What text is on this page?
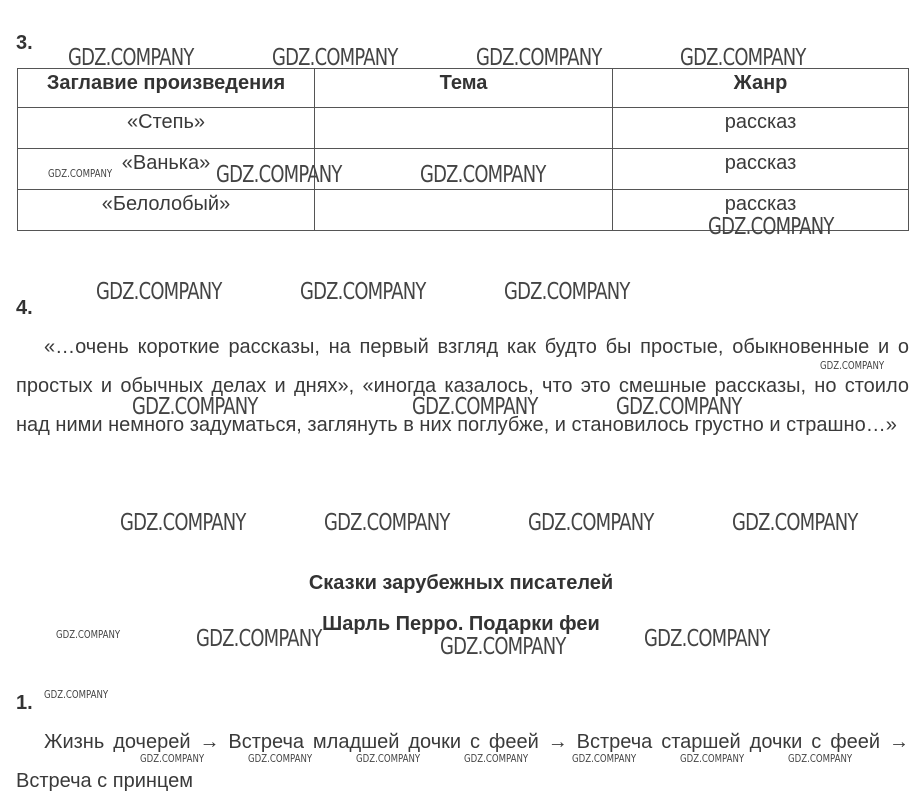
3.
Заглавие произведения	Тема	Жанр
«Степь»		рассказ
«Ванька»		рассказ
«Белолобый»		рассказ
4.

«…очень короткие рассказы, на первый взгляд как будто бы простые, обыкновенные и о простых и обычных делах и днях», «иногда казалось, что это смешные рассказы, но стоило над ними немного задуматься, заглянуть в них поглубже, и становилось грустно и страшно…»

Сказки зарубежных писателей
Шарль Перро. Подарки феи
1.

Жизнь дочерей → Встреча младшей дочки с феей → Встреча старшей дочки с феей → Встреча с принцем

GDZ.COMPANY	GDZ.COMPANY	GDZ.COMPANY	GDZ.COMPANY
GDZ.COMPANY	GDZ.COMPANY	GDZ.COMPANY
GDZ.COMPANY
GDZ.COMPANY	GDZ.COMPANY	GDZ.COMPANY
GDZ.COMPANY
GDZ.COMPANY	GDZ.COMPANY	GDZ.COMPANY
GDZ.COMPANY	GDZ.COMPANY	GDZ.COMPANY	GDZ.COMPANY
GDZ.COMPANY	GDZ.COMPANY	GDZ.COMPANY	GDZ.COMPANY
GDZ.COMPANY
GDZ.COMPANY	GDZ.COMPANY	GDZ.COMPANY	GDZ.COMPANY	GDZ.COMPANY	GDZ.COMPANY	GDZ.COMPANY
